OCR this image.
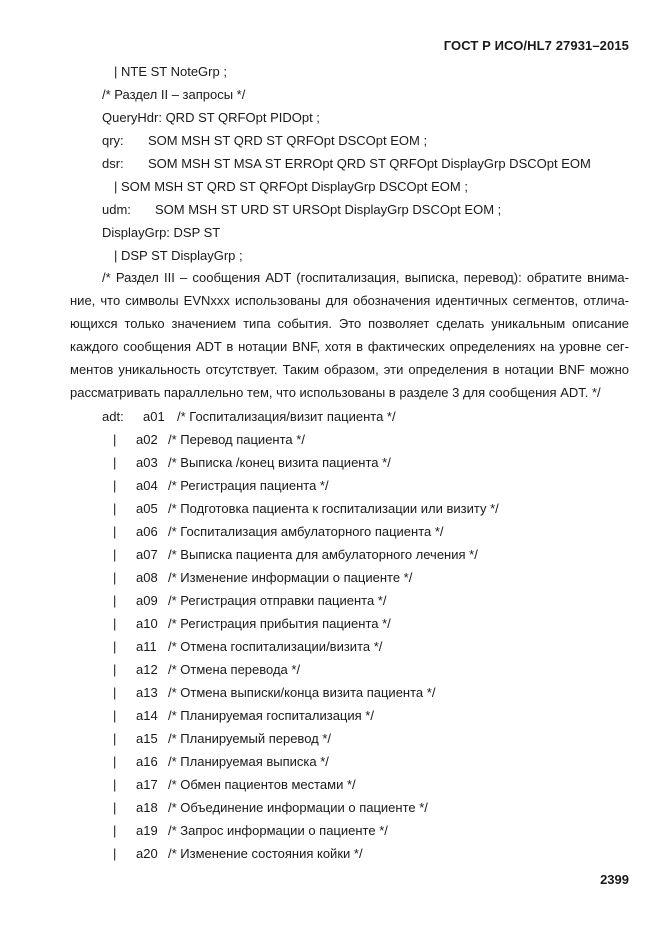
ГОСТ Р ИСО/HL7 27931–2015
| NTE ST NoteGrp ;
/* Раздел II – запросы */
QueryHdr: QRD ST QRFOpt PIDOpt ;
qry: SOM MSH ST QRD ST QRFOpt DSCOpt EOM ;
dsr: SOM MSH ST MSA ST ERROpt QRD ST QRFOpt DisplayGrp DSCOpt EOM
| SOM MSH ST QRD ST QRFOpt DisplayGrp DSCOpt EOM ;
udm: SOM MSH ST URD ST URSOpt DisplayGrp DSCOpt EOM ;
DisplayGrp: DSP ST
| DSP ST DisplayGrp ;
/* Раздел III – сообщения ADT (госпитализация, выписка, перевод): обратите внима-
ние, что символы EVNxxx использованы для обозначения идентичных сегментов, отлича-
ющихся только значением типа события. Это позволяет сделать уникальным описание
каждого сообщения ADT в нотации BNF, хотя в фактических определениях на уровне сег-
ментов уникальность отсутствует. Таким образом, эти определения в нотации BNF можно
рассматривать параллельно тем, что использованы в разделе 3 для сообщения ADT. */
adt: a01 /* Госпитализация/визит пациента */
| a02 /* Перевод пациента */
| a03 /* Выписка /конец визита пациента */
| a04 /* Регистрация пациента */
| a05 /* Подготовка пациента к госпитализации или визиту */
| a06 /* Госпитализация амбулаторного пациента */
| a07 /* Выписка пациента для амбулаторного лечения */
| a08 /* Изменение информации о пациенте */
| a09 /* Регистрация отправки пациента */
| a10 /* Регистрация прибытия пациента */
| a11 /* Отмена госпитализации/визита */
| a12 /* Отмена перевода */
| a13 /* Отмена выписки/конца визита пациента */
| a14 /* Планируемая госпитализация */
| a15 /* Планируемый перевод */
| a16 /* Планируемая выписка */
| a17 /* Обмен пациентов местами */
| a18 /* Объединение информации о пациенте */
| a19 /* Запрос информации о пациенте */
| a20 /* Изменение состояния койки */
2399
